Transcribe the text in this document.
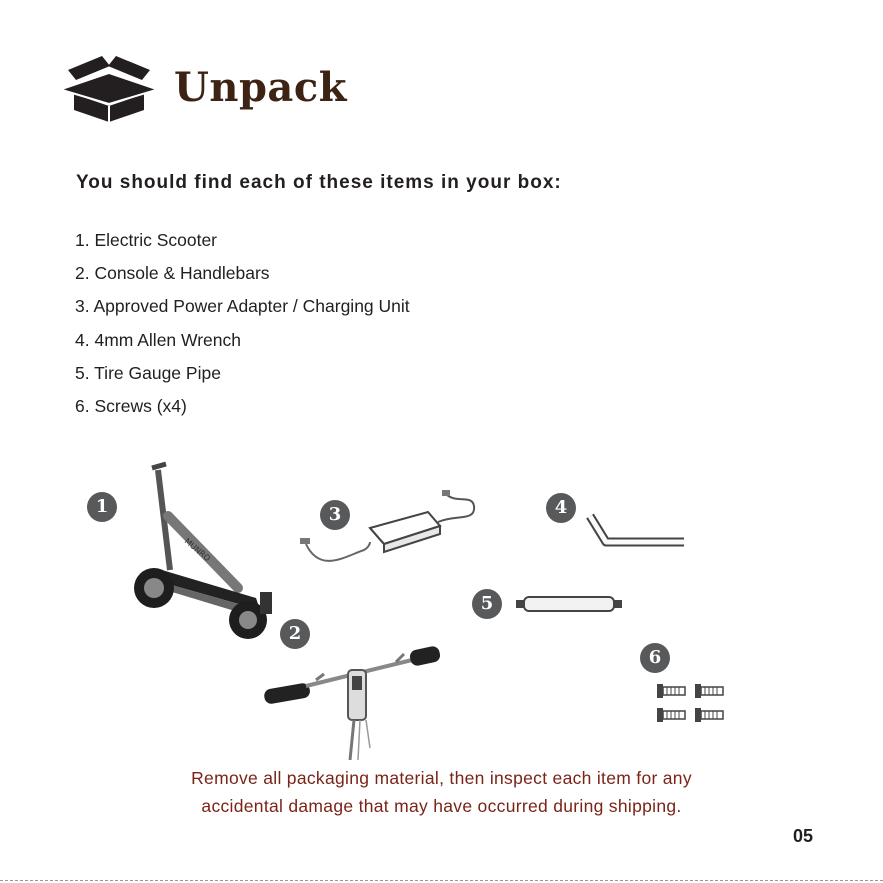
Unpack
You should find each of these items in your box:
1. Electric Scooter
2. Console & Handlebars
3. Approved Power Adapter / Charging Unit
4. 4mm Allen Wrench
5. Tire Gauge Pipe
6. Screws (x4)
1
MUNRO
2
3	4
5
6
Remove all packaging material, then inspect each item for any
accidental damage that may have occurred during shipping.
05
